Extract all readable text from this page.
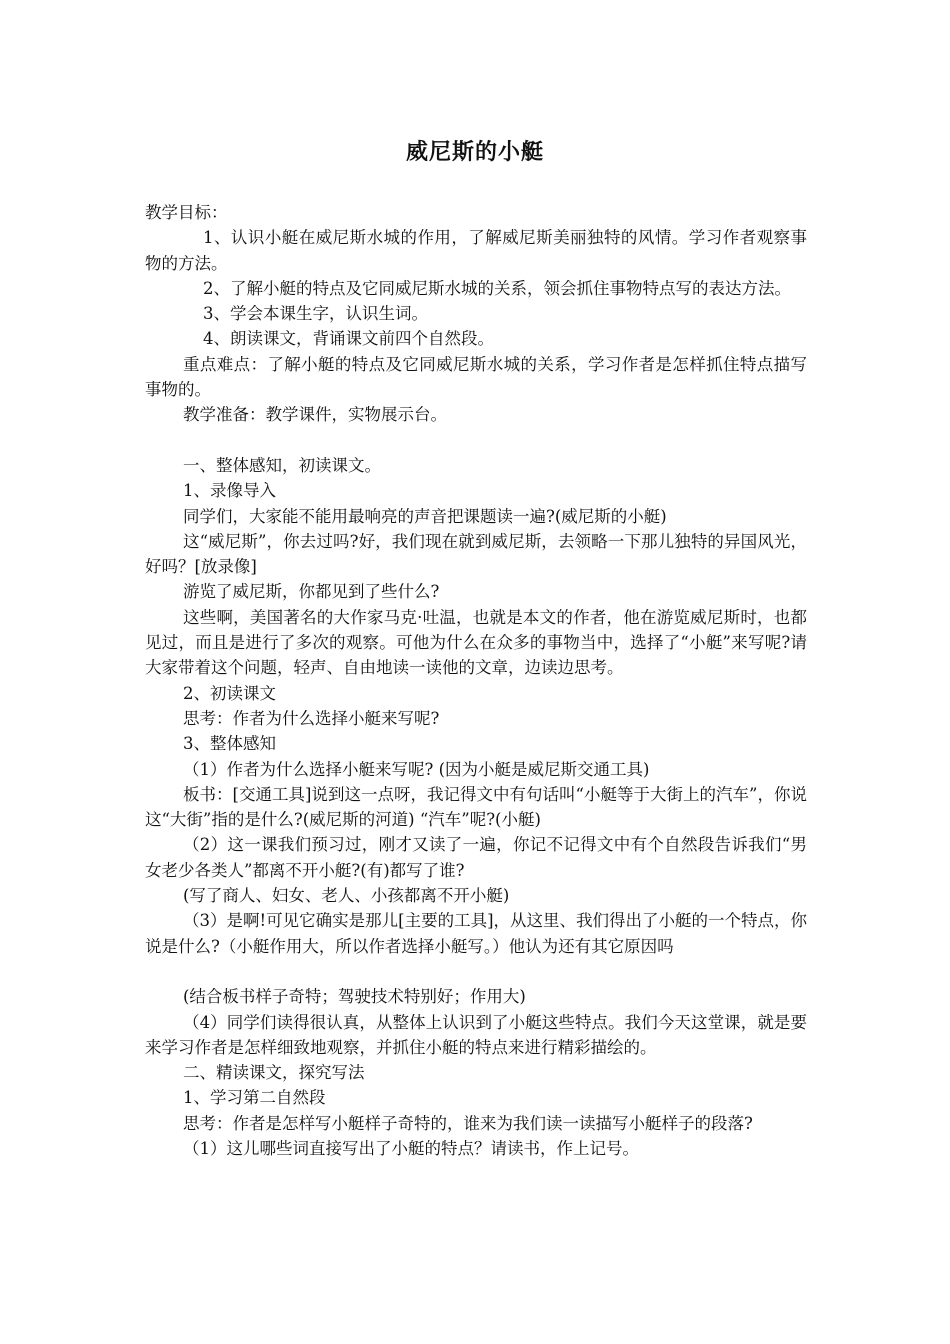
威尼斯的小艇

教学目标：

1、认识小艇在威尼斯水城的作用，了解威尼斯美丽独特的风情。学习作者观察事物的方法。

2、了解小艇的特点及它同威尼斯水城的关系，领会抓住事物特点写的表达方法。

3、学会本课生字，认识生词。

4、朗读课文，背诵课文前四个自然段。

重点难点：了解小艇的特点及它同威尼斯水城的关系，学习作者是怎样抓住特点描写事物的。

教学准备：教学课件，实物展示台。

一、整体感知，初读课文。

1、录像导入

同学们，大家能不能用最响亮的声音把课题读一遍?(威尼斯的小艇)

这“威尼斯”，你去过吗?好，我们现在就到威尼斯，去领略一下那儿独特的异国风光，好吗？[放录像]

游览了威尼斯，你都见到了些什么?

这些啊，美国著名的大作家马克·吐温，也就是本文的作者，他在游览威尼斯时，也都见过，而且是进行了多次的观察。可他为什么在众多的事物当中，选择了“小艇”来写呢?请大家带着这个问题，轻声、自由地读一读他的文章，边读边思考。

2、初读课文

思考：作者为什么选择小艇来写呢?

3、整体感知

（1）作者为什么选择小艇来写呢? (因为小艇是威尼斯交通工具)

板书：[交通工具]说到这一点呀，我记得文中有句话叫“小艇等于大街上的汽车”，你说这“大街”指的是什么?(威尼斯的河道) “汽车”呢?(小艇)

（2）这一课我们预习过，刚才又读了一遍，你记不记得文中有个自然段告诉我们“男女老少各类人”都离不开小艇?(有)都写了谁?

(写了商人、妇女、老人、小孩都离不开小艇)

（3）是啊!可见它确实是那儿[主要的工具]，从这里、我们得出了小艇的一个特点，你说是什么?（小艇作用大，所以作者选择小艇写。）他认为还有其它原因吗

(结合板书样子奇特；驾驶技术特别好；作用大)

（4）同学们读得很认真，从整体上认识到了小艇这些特点。我们今天这堂课，就是要来学习作者是怎样细致地观察，并抓住小艇的特点来进行精彩描绘的。

二、精读课文，探究写法

1、学习第二自然段

思考：作者是怎样写小艇样子奇特的，谁来为我们读一读描写小艇样子的段落?

（1）这儿哪些词直接写出了小艇的特点？请读书，作上记号。
